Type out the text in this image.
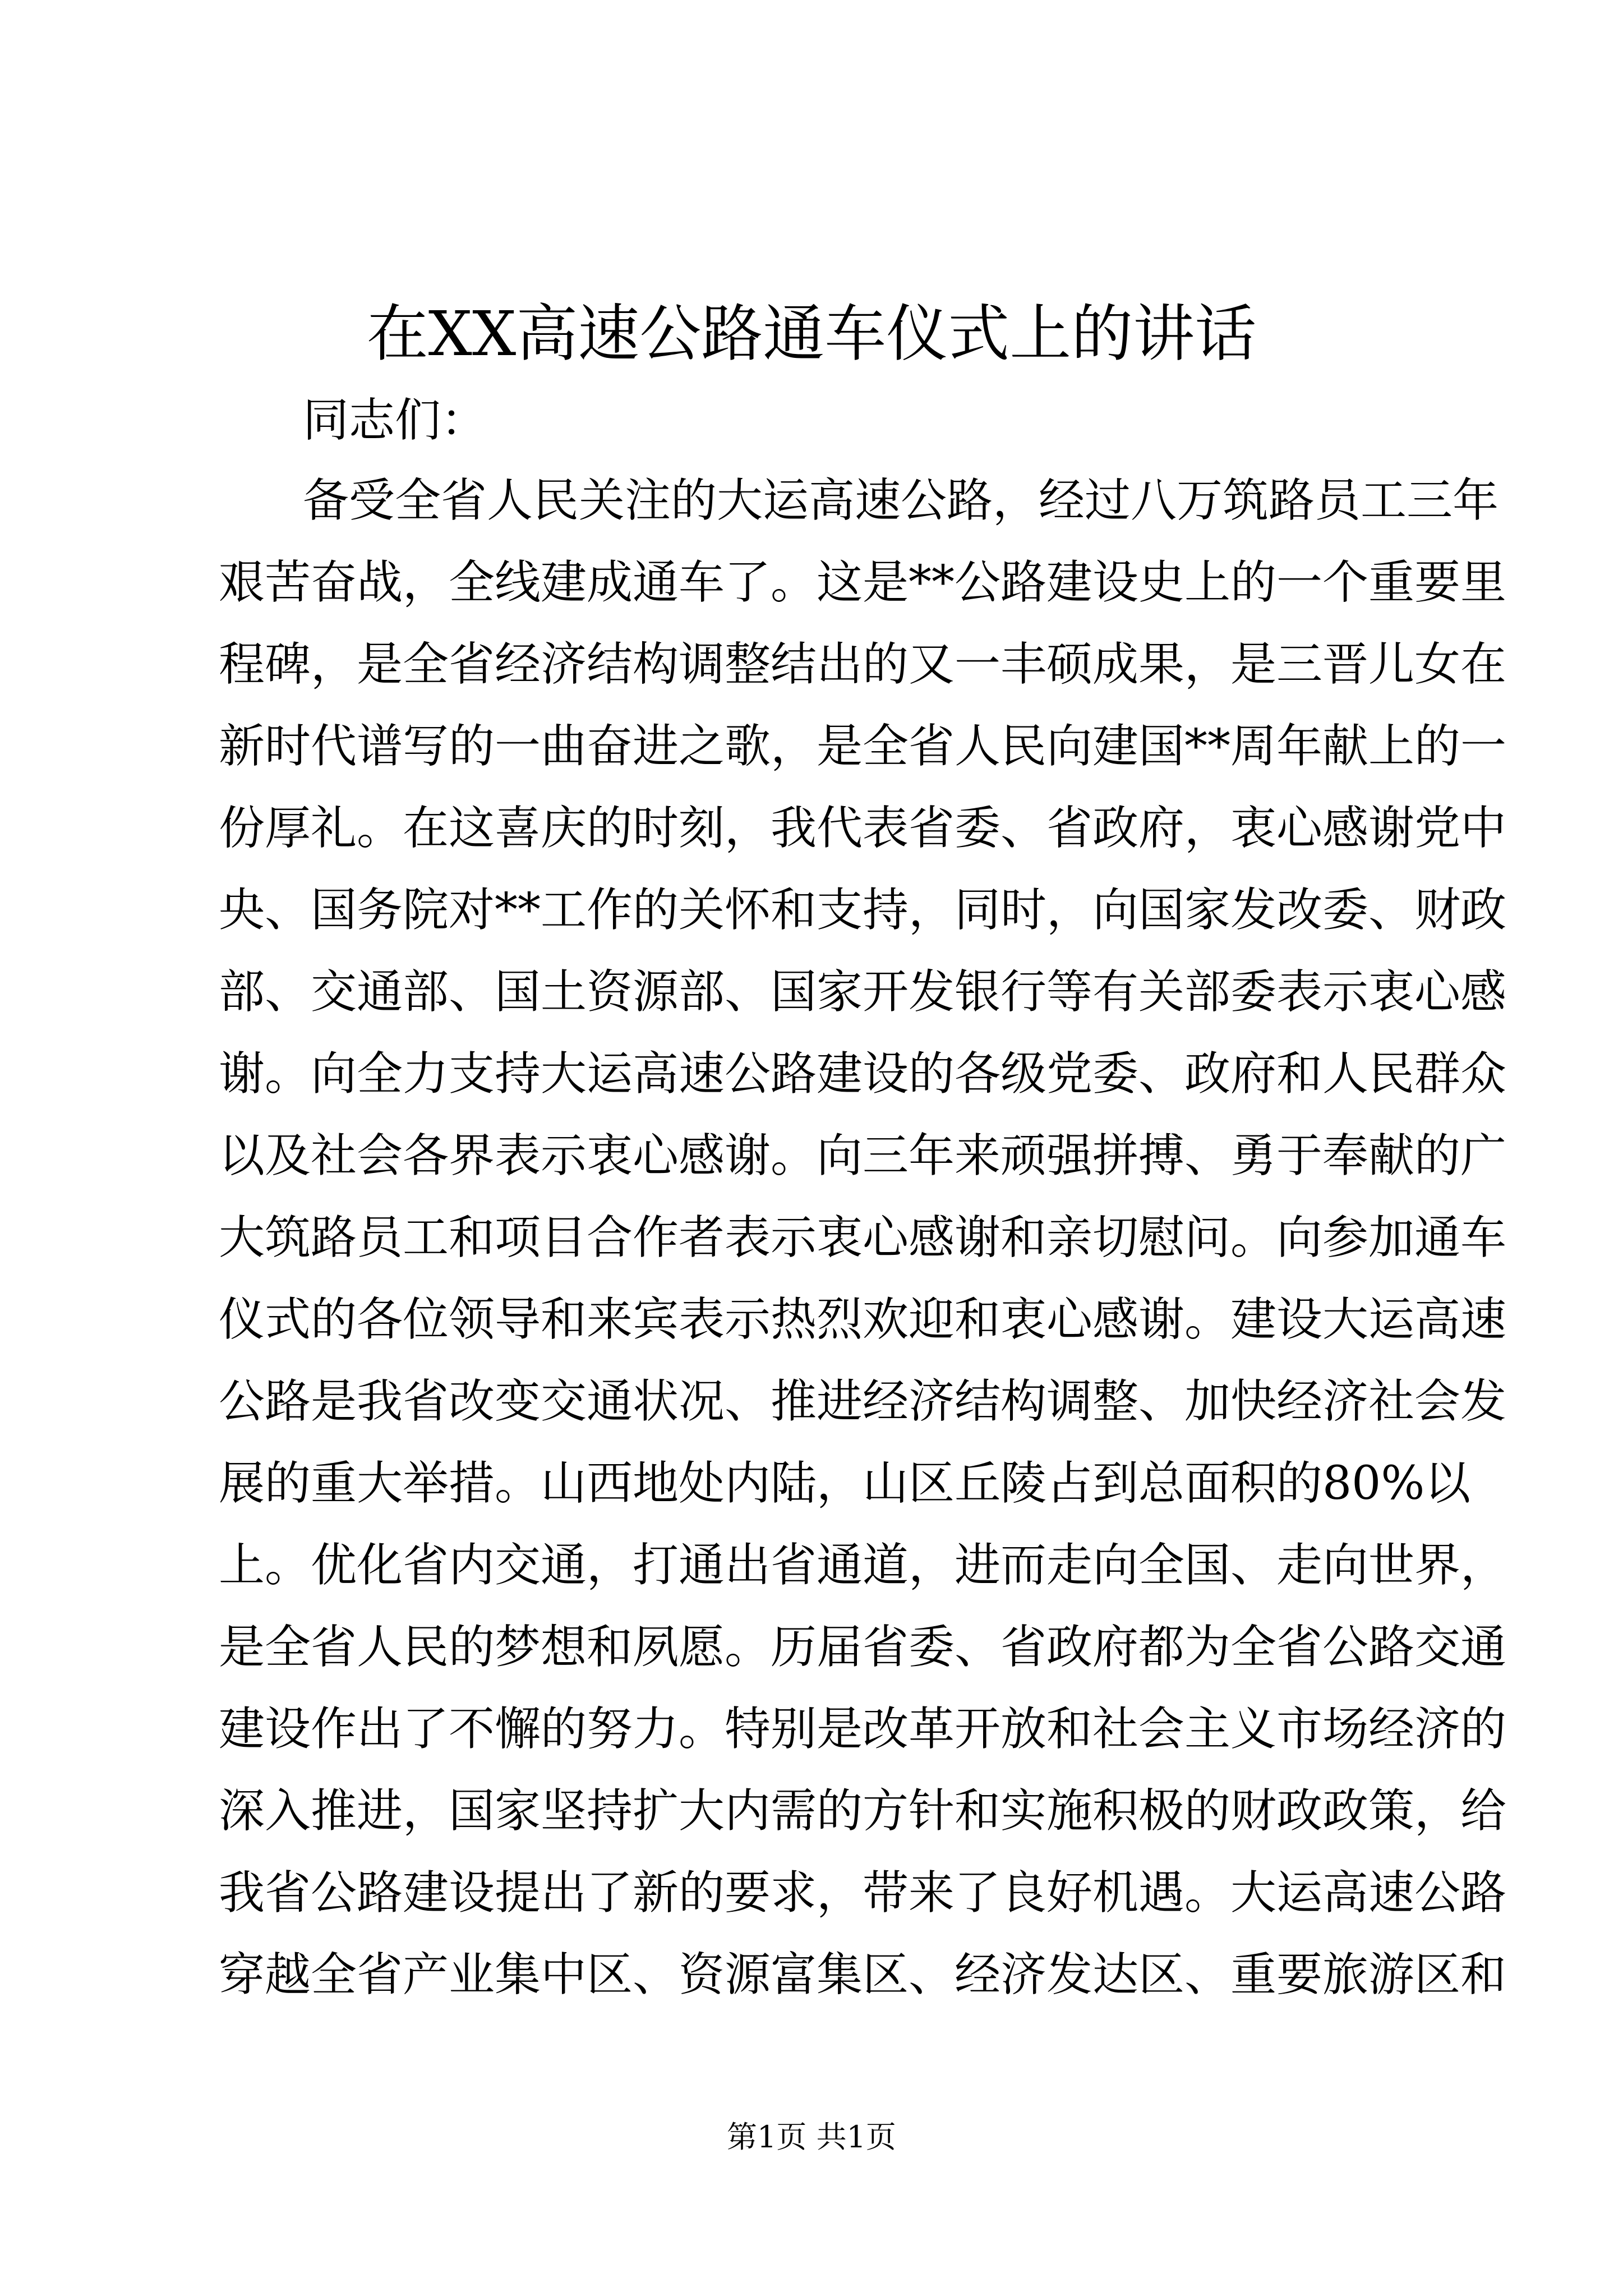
在XX高速公路通车仪式上的讲话
同志们：
备受全省人民关注的大运高速公路，经过八万筑路员工三年
艰苦奋战，全线建成通车了。这是**公路建设史上的一个重要里
程碑，是全省经济结构调整结出的又一丰硕成果，是三晋儿女在
新时代谱写的一曲奋进之歌，是全省人民向建国**周年献上的一
份厚礼。在这喜庆的时刻，我代表省委、省政府，衷心感谢党中
央、国务院对**工作的关怀和支持，同时，向国家发改委、财政
部、交通部、国土资源部、国家开发银行等有关部委表示衷心感
谢。向全力支持大运高速公路建设的各级党委、政府和人民群众
以及社会各界表示衷心感谢。向三年来顽强拼搏、勇于奉献的广
大筑路员工和项目合作者表示衷心感谢和亲切慰问。向参加通车
仪式的各位领导和来宾表示热烈欢迎和衷心感谢。建设大运高速
公路是我省改变交通状况、推进经济结构调整、加快经济社会发
展的重大举措。山西地处内陆，山区丘陵占到总面积的80%以
上。优化省内交通，打通出省通道，进而走向全国、走向世界，
是全省人民的梦想和夙愿。历届省委、省政府都为全省公路交通
建设作出了不懈的努力。特别是改革开放和社会主义市场经济的
深入推进，国家坚持扩大内需的方针和实施积极的财政政策，给
我省公路建设提出了新的要求，带来了良好机遇。大运高速公路
穿越全省产业集中区、资源富集区、经济发达区、重要旅游区和
第1页 共1页
